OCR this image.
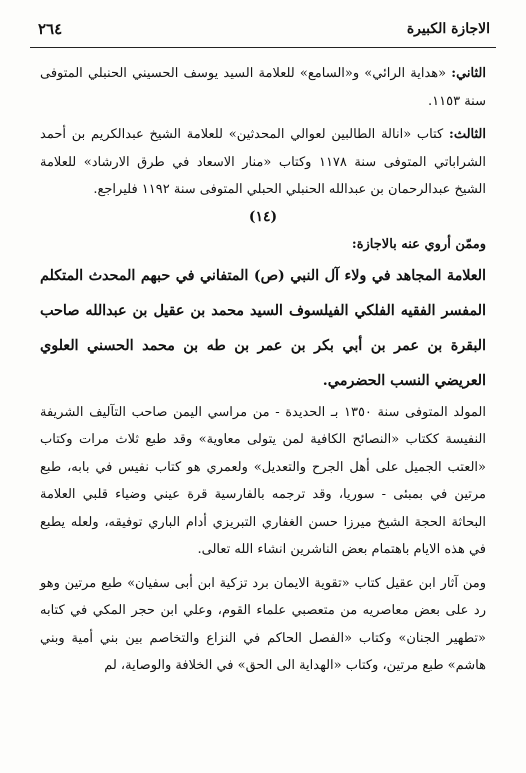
٢٦٤	الاجازة الكبيرة

الثاني: «هداية الرائي» و«السامع» للعلامة السيد يوسف الحسيني الحنبلي المتوفى سنة ١١٥٣.

الثالث: كتاب «انالة الطالبين لعوالي المحدثين» للعلامة الشيخ عبدالكريم بن أحمد الشراباتي المتوفى سنة ١١٧٨ وكتاب «منار الاسعاد في طرق الارشاد» للعلامة الشيخ عبدالرحمان بن عبدالله الحنبلي الحبلي المتوفى سنة ١١٩٢ فليراجع.

(١٤)

وممّن أروي عنه بالاجازة:

العلامة المجاهد في ولاء آل النبي (ص) المتفاني في حبهم المحدث المتكلم المفسر الفقيه الفلكي الفيلسوف السيد محمد بن عقيل بن عبدالله صاحب البقرة بن عمر بن أبي بكر بن عمر بن طه بن محمد الحسني العلوي العريضي النسب الحضرمي.

المولد المتوفى سنة ١٣٥٠ بـ الحديدة - من مراسي اليمن صاحب التآليف الشريفة النفيسة ككتاب «النصائح الكافية لمن يتولى معاوية» وقد طبع ثلاث مرات وكتاب «العتب الجميل على أهل الجرح والتعديل» ولعمري هو كتاب نفيس في بابه، طبع مرتين في بمبئى - سوريا، وقد ترجمه بالفارسية قرة عيني وضياء قلبي العلامة البحاثة الحجة الشيخ ميرزا حسن الغفاري التبريزي أدام الباري توفيقه، ولعله يطبع في هذه الايام باهتمام بعض الناشرين انشاء الله تعالى.

ومن آثار ابن عقيل كتاب «تقوية الايمان برد تزكية ابن أبى سفيان» طبع مرتين وهو رد على بعض معاصريه من متعصبي علماء القوم، وعلي ابن حجر المكي في كتابه «تطهير الجنان» وكتاب «الفصل الحاكم في النزاع والتخاصم بين بني أمية وبني هاشم» طبع مرتين، وكتاب «الهداية الى الحق» في الخلافة والوصاية، لم
